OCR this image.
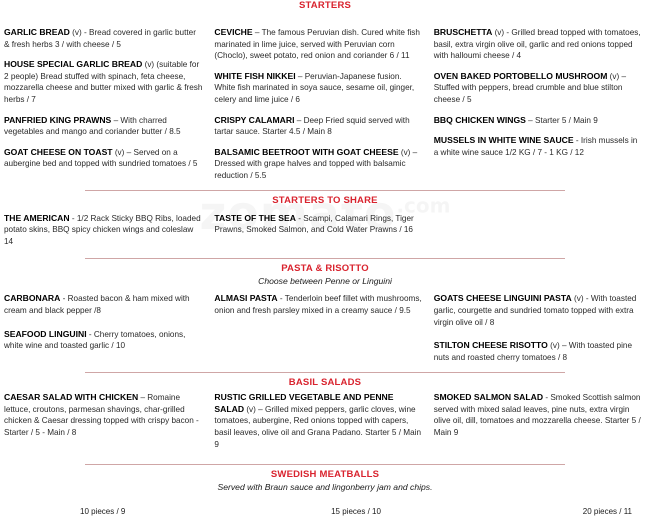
STARTERS
GARLIC BREAD (v) - Bread covered in garlic butter & fresh herbs 3 / with cheese / 5
HOUSE SPECIAL GARLIC BREAD (v) (suitable for 2 people) Bread stuffed with spinach, feta cheese, mozzarella cheese and butter mixed with garlic & fresh herbs / 7
PANFRIED KING PRAWNS – With charred vegetables and mango and coriander butter / 8.5
GOAT CHEESE ON TOAST (v) – Served on a aubergine bed and topped with sundried tomatoes / 5
CEVICHE – The famous Peruvian dish. Cured white fish marinated in lime juice, served with Peruvian corn (Choclo), sweet potato, red onion and coriander 6 / 11
WHITE FISH NIKKEI – Peruvian-Japanese fusion. White fish marinated in soya sauce, sesame oil, ginger, celery and lime juice / 6
CRISPY CALAMARI – Deep Fried squid served with tartar sauce. Starter 4.5 / Main 8
BALSAMIC BEETROOT WITH GOAT CHEESE (v) – Dressed with grape halves and topped with balsamic reduction / 5.5
BRUSCHETTA (v) - Grilled bread topped with tomatoes, basil, extra virgin olive oil, garlic and red onions topped with halloumi cheese / 4
OVEN BAKED PORTOBELLO MUSHROOM (v) – Stuffed with peppers, bread crumble and blue stilton cheese / 5
BBQ CHICKEN WINGS – Starter 5 / Main 9
MUSSELS IN WHITE WINE SAUCE - Irish mussels in a white wine sauce 1/2 KG / 7 - 1 KG / 12
STARTERS TO SHARE
THE AMERICAN - 1/2 Rack Sticky BBQ Ribs, loaded potato skins, BBQ spicy chicken wings and coleslaw 14
TASTE OF THE SEA - Scampi, Calamari Rings, Tiger Prawns, Smoked Salmon, and Cold Water Prawns / 16
PASTA & RISOTTO
Choose between Penne or Linguini
CARBONARA - Roasted bacon & ham mixed with cream and black pepper /8
SEAFOOD LINGUINI - Cherry tomatoes, onions, white wine and toasted garlic / 10
ALMASI PASTA - Tenderloin beef fillet with mushrooms, onion and fresh parsley mixed in a creamy sauce / 9.5
GOATS CHEESE LINGUINI PASTA (v) - With toasted garlic, courgette and sundried tomato topped with extra virgin olive oil / 8
STILTON CHEESE RISOTTO (v) – With toasted pine nuts and roasted cherry tomatoes / 8
BASIL SALADS
CAESAR SALAD WITH CHICKEN – Romaine lettuce, croutons, parmesan shavings, char-grilled chicken & Caesar dressing topped with crispy bacon - Starter / 5 - Main / 8
RUSTIC GRILLED VEGETABLE AND PENNE SALAD (v) – Grilled mixed peppers, garlic cloves, wine tomatoes, aubergine, Red onions topped with capers, basil leaves, olive oil and Grana Padano. Starter 5 / Main 9
SMOKED SALMON SALAD - Smoked Scottish salmon served with mixed salad leaves, pine nuts, extra virgin olive oil, dill, tomatoes and mozzarella cheese. Starter 5 / Main 9
SWEDISH MEATBALLS
Served with Braun sauce and lingonberry jam and chips.
10 pieces / 9	15 pieces / 10	20 pieces / 11
